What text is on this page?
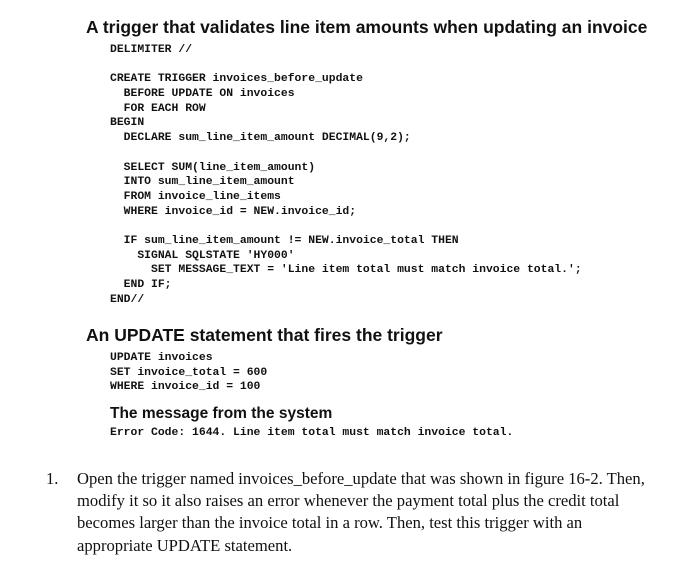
A trigger that validates line item amounts when updating an invoice
DELIMITER //
CREATE TRIGGER invoices_before_update
BEFORE UPDATE ON invoices
FOR EACH ROW
BEGIN
DECLARE sum_line_item_amount DECIMAL(9,2);
SELECT SUM(line_item_amount)
INTO sum_line_item_amount
FROM invoice_line_items
WHERE invoice_id = NEW.invoice_id;
IF sum_line_item_amount != NEW.invoice_total THEN
SIGNAL SQLSTATE 'HY000'
SET MESSAGE_TEXT = 'Line item total must match invoice total.';
END IF;
END//
An UPDATE statement that fires the trigger
UPDATE invoices
SET invoice_total = 600
WHERE invoice_id = 100
The message from the system
Error Code: 1644. Line item total must match invoice total.
1. Open the trigger named invoices_before_update that was shown in figure 16-2. Then, modify it so it also raises an error whenever the payment total plus the credit total becomes larger than the invoice total in a row. Then, test this trigger with an appropriate UPDATE statement.
